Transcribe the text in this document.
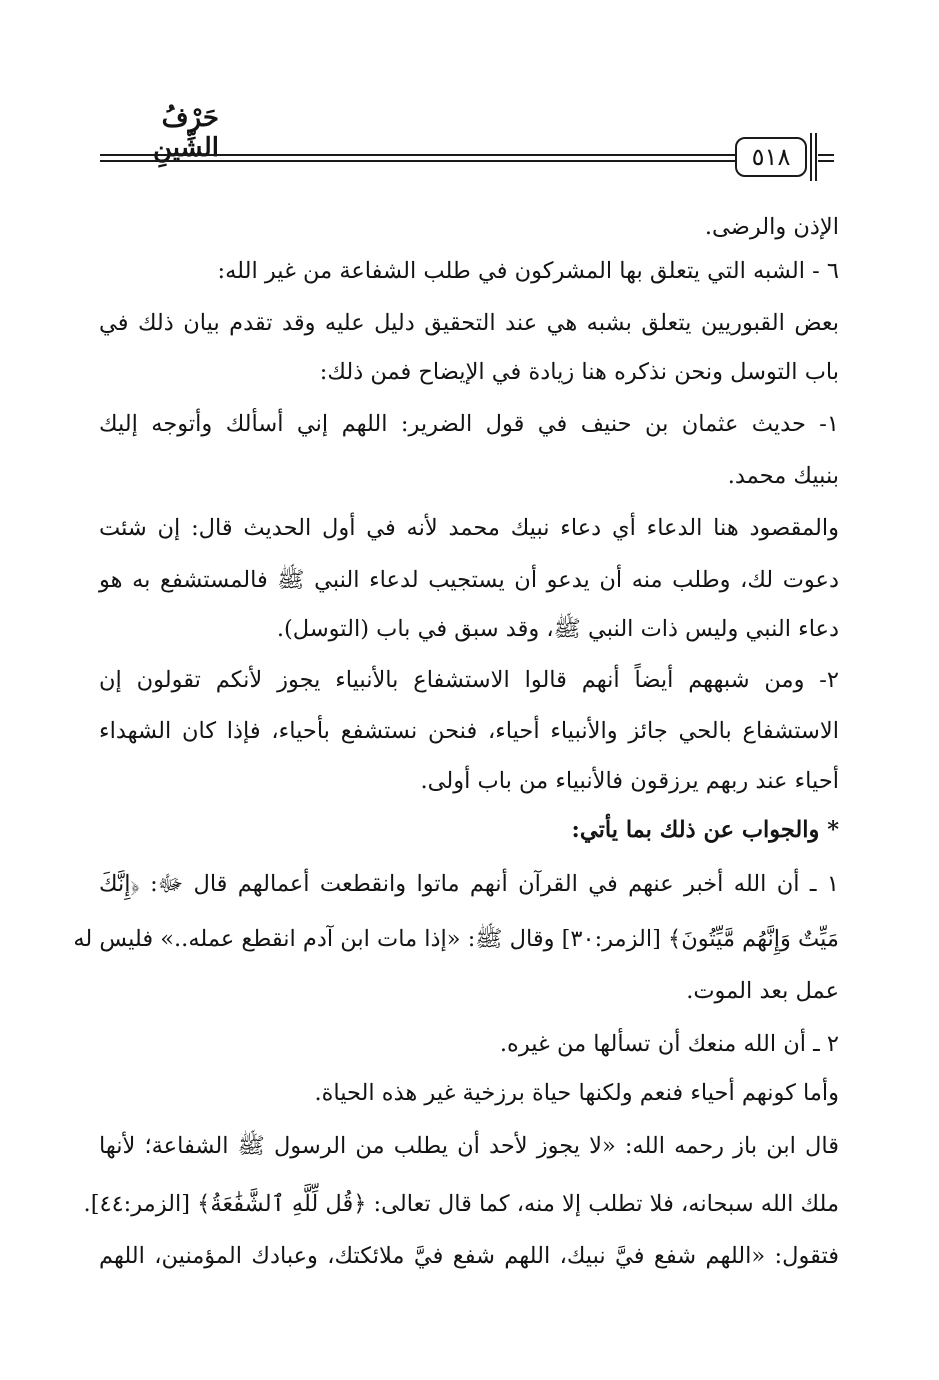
حَرْفُ الشِّينِ	٥١٨
الإذن والرضى.
٦ - الشبه التي يتعلق بها المشركون في طلب الشفاعة من غير الله:
بعض القبوريين يتعلق بشبه هي عند التحقيق دليل عليه وقد تقدم بيان ذلك في
باب التوسل ونحن نذكره هنا زيادة في الإيضاح فمن ذلك:
١- حديث عثمان بن حنيف في قول الضرير: اللهم إني أسألك وأتوجه إليك
بنبيك محمد.
والمقصود هنا الدعاء أي دعاء نبيك محمد لأنه في أول الحديث قال: إن شئت
دعوت لك، وطلب منه أن يدعو أن يستجيب لدعاء النبي ﷺ فالمستشفع به هو
دعاء النبي وليس ذات النبي ﷺ، وقد سبق في باب (التوسل).
٢- ومن شبههم أيضاً أنهم قالوا الاستشفاع بالأنبياء يجوز لأنكم تقولون إن
الاستشفاع بالحي جائز والأنبياء أحياء، فنحن نستشفع بأحياء، فإذا كان الشهداء
أحياء عند ربهم يرزقون فالأنبياء من باب أولى.
* والجواب عن ذلك بما يأتي:
١ ـ أن الله أخبر عنهم في القرآن أنهم ماتوا وانقطعت أعمالهم قال ﷻ: ﴿إِنَّكَ
مَيِّتٌ وَإِنَّهُم مَّيِّتُونَ﴾ [الزمر:٣٠] وقال ﷺ: «إذا مات ابن آدم انقطع عمله..» فليس له
عمل بعد الموت.
٢ ـ أن الله منعك أن تسألها من غيره.
وأما كونهم أحياء فنعم ولكنها حياة برزخية غير هذه الحياة.
قال ابن باز رحمه الله: «لا يجوز لأحد أن يطلب من الرسول ﷺ الشفاعة؛ لأنها
ملك الله سبحانه، فلا تطلب إلا منه، كما قال تعالى: ﴿قُل لِّلَّهِ ٱلشَّفَٰعَةُ﴾ [الزمر:٤٤].
فتقول: «اللهم شفع فيَّ نبيك، اللهم شفع فيَّ ملائكتك، وعبادك المؤمنين، اللهم
